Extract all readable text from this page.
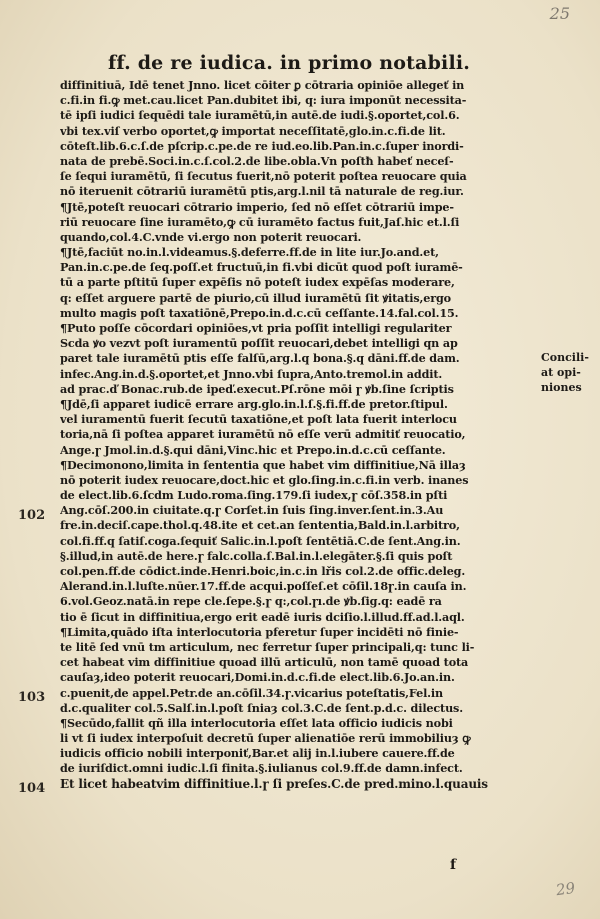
25
ff. de re iudica. in primo notabili.
diffinitiuā, Idē tenet Jnno. licet cōiter ꝑ cōtraria opiniōe allegeť in
c.fi.in fi.ꝙ met.cau.licet Pan.dubitet ibi, q: iura imponūt necessita-
tē ipſi iudici ſequēdi tale iuramētū,in autē.de iudi.§.oportet,col.6.
vbi tex.viſ verbo oportet,ꝙ importat neceſſitatē,glo.in.c.fi.de lit.
cōteſt.lib.6.c.ſ.de pſcrip.c.pe.de re iud.eo.lib.Pan.in.c.ſuper inordi-
nata de prebē.Soci.in.c.ſ.col.2.de libe.obla.Vn poſtħ habeť neceſ-
ſe ſequi iuramētū, ſi ſecutus fuerit,nō poterit poſtea reuocare quia
nō iteruenit cōtrariū iuramētū ptis,arg.l.nil tā naturale de reg.iur.
¶Jtē,poteſt reuocari cōtrario imperio, ſed nō eſſet cōtrariū impe-
riū reuocare ſine iuramēto,ꝙ cū iuramēto factus fuit,Jaſ.hic et.l.ſi
quando,col.4.C.vnde vi.ergo non poterit reuocari.
¶Jtē,faciūt no.in.l.videamus.§.deferre.ff.de in lite iur.Jo.and.et,
Pan.in.c.pe.de ſeq.poſſ.et fructuū,in fi.vbi dicūt quod poſt iuramē-
tū a parte pſtitū ſuper expēſis nō poteſt iudex expēſas moderare,
q: eſſet arguere partē de piurio,cū illud iuramētū ſit ꝟitatis,ergo
multo magis poſt taxatiōnē,Prepo.in.d.c.cū ceſſante.14.fal.col.15.
¶Puto poſſe cōcordari opiniōes,vt pria poſſit intelligi regulariter
Scda ꝟo vezvt poſt iuramentū poſſit reuocari,debet intelligi qn ap
paret tale iuramētū ptis eſſe falſū,arg.l.q bona.§.q dāni.ff.de dam.
infec.Ang.in.d.§.oportet,et Jnno.vbi ſupra,Anto.tremol.in addit.
ad prac.ď Bonac.rub.de ipeď.execut.Pſ.rōne mōi ɼ ꝟb.ſine ſcriptis
¶Jdē,ſi apparet iudicē errare arg.glo.in.l.ſ.§.fi.ff.de pretor.ſtipul.
vel iuramentū fuerit ſecutū taxatiōne,et poſt lata fuerit interlocu
toria,nā ſi poſtea apparet iuramētū nō eſſe verū admitiť reuocatio,
Ange.ɼ Jmol.in.d.§.qui dāni,Vinc.hic et Prepo.in.d.c.cū ceſſante.
¶Decimonono,limita in ſententia que habet vim diffinitiue,Nā illaȝ
nō poterit iudex reuocare,doct.hic et glo.ſing.in.c.fi.in verb. inanes
de elect.lib.6.ſcdm Ludo.roma.ſing.179.ſi iudex,ɼ cōſ.358.in pſti
Ang.cōſ.200.in ciuitate.q.ɼ Corſet.in ſuis ſing.inver.ſent.in.3.Au
fre.in.deciſ.cape.thol.q.48.ite et cet.an ſententia,Bald.in.l.arbitro,
col.fi.ff.q ſatiſ.coga.ſequiť Salic.in.l.poſt ſentētiā.C.de ſent.Ang.in.
§.illud,in autē.de here.ɼ falc.colla.ſ.Bal.in.l.elegāter.§.ſi quis poſt
col.pen.ff.de cōdict.inde.Henri.boic,in.c.in lřis col.2.de offic.deleg.
Alerand.in.l.luſte.nūer.17.ff.de acqui.poſſeſ.et cōſil.18ɼ.in cauſa in.
6.vol.Geoz.natā.in repe cle.ſepe.§.ɼ q:,col.ɼı.de ꝟb.ſig.q: eadē ra
tio ē ſicut in diffinitiua,ergo erit eadē iuris dciſio.l.illud.ff.ad.l.aql.
¶Limita,quādo iſta interlocutoria pferetur ſuper incidēti nō finie-
te litē ſed vnū tm articulum, nec ferretur ſuper principali,q: tunc li-
cet habeat vim diffinitiue quoad illū articulū, non tamē quoad tota
cauſaȝ,ideo poterit reuocari,Domi.in.d.c.fi.de elect.lib.6.Jo.an.in.
c.puenit,de appel.Petr.de an.cōſil.34.ɼ.vicarius poteſtatis,Fel.in
d.c.qualiter col.5.Salſ.in.l.poſt ſniaȝ col.3.C.de ſent.p.d.c. dilectus.
¶Secūdo,fallit qñ illa interlocutoria eſſet lata officio iudicis nobi
li vt ſi iudex interpoſuit decretū ſuper alienatiōe rerū immobiliuȝ ꝙ
iudicis officio nobili interponiť,Bar.et alij in.l.iubere cauere.ff.de
de iuriſdict.omni iudic.l.ſi finita.§.iulianus col.9.ff.de damn.infect.
Et licet habeatvim diffinitiue.l.ɼ ſi preſes.C.de pred.mino.l.quauis
102
103
104
Concili-
at opi-
niones
f
29
